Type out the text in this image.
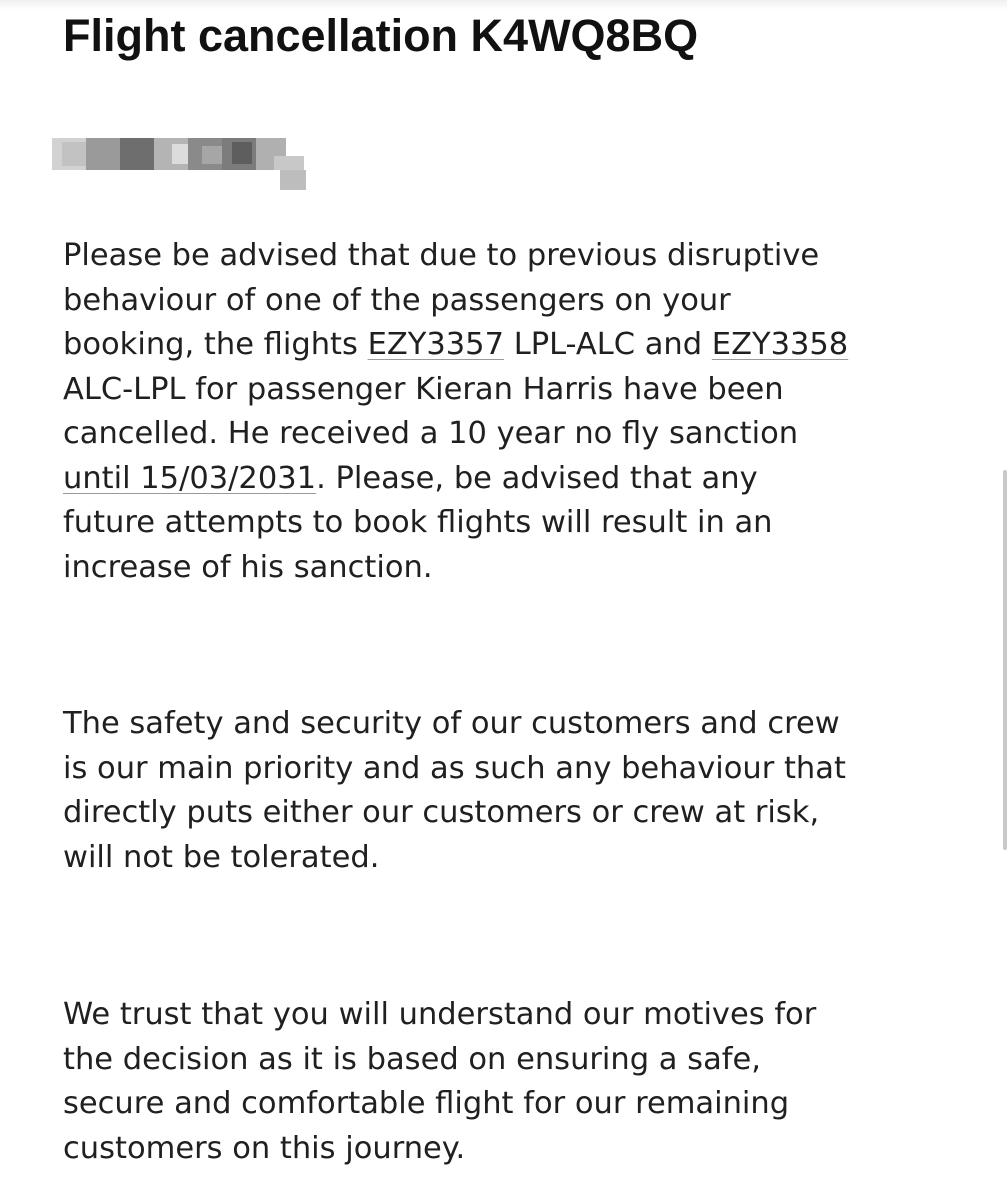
Flight cancellation K4WQ8BQ
Please be advised that due to previous disruptive
behaviour of one of the passengers on your
booking, the flights EZY3357 LPL-ALC and EZY3358
ALC-LPL for passenger Kieran Harris have been
cancelled. He received a 10 year no fly sanction
until 15/03/2031. Please, be advised that any
future attempts to book flights will result in an
increase of his sanction.
The safety and security of our customers and crew
is our main priority and as such any behaviour that
directly puts either our customers or crew at risk,
will not be tolerated.
We trust that you will understand our motives for
the decision as it is based on ensuring a safe,
secure and comfortable flight for our remaining
customers on this journey.
